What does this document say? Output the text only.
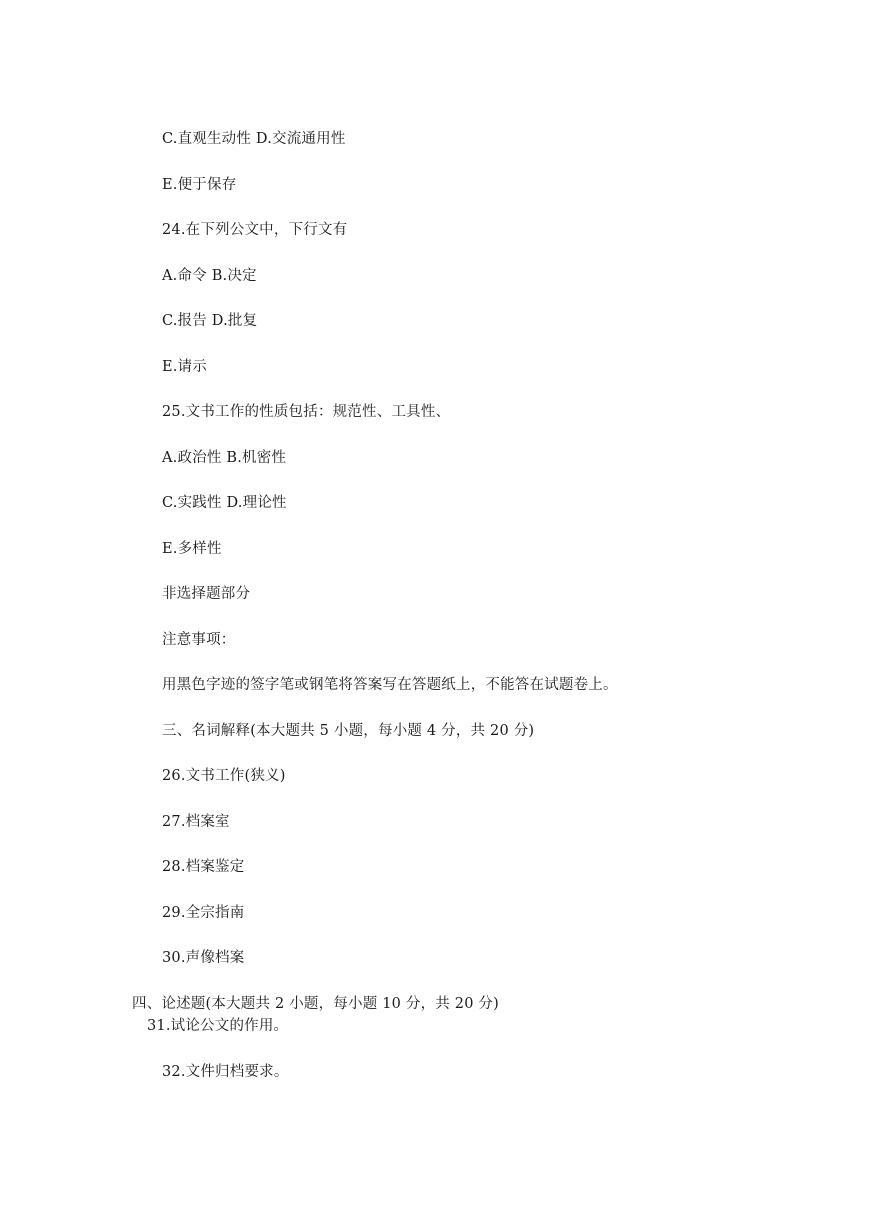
C.直观生动性 D.交流通用性
E.便于保存
24.在下列公文中，下行文有
A.命令 B.决定
C.报告 D.批复
E.请示
25.文书工作的性质包括：规范性、工具性、
A.政治性 B.机密性
C.实践性 D.理论性
E.多样性
非选择题部分
注意事项：
用黑色字迹的签字笔或钢笔将答案写在答题纸上，不能答在试题卷上。
三、名词解释(本大题共 5 小题，每小题 4 分，共 20 分)
26.文书工作(狭义)
27.档案室
28.档案鉴定
29.全宗指南
30.声像档案
四、论述题(本大题共 2 小题，每小题 10 分，共 20 分)
31.试论公文的作用。
32.文件归档要求。
